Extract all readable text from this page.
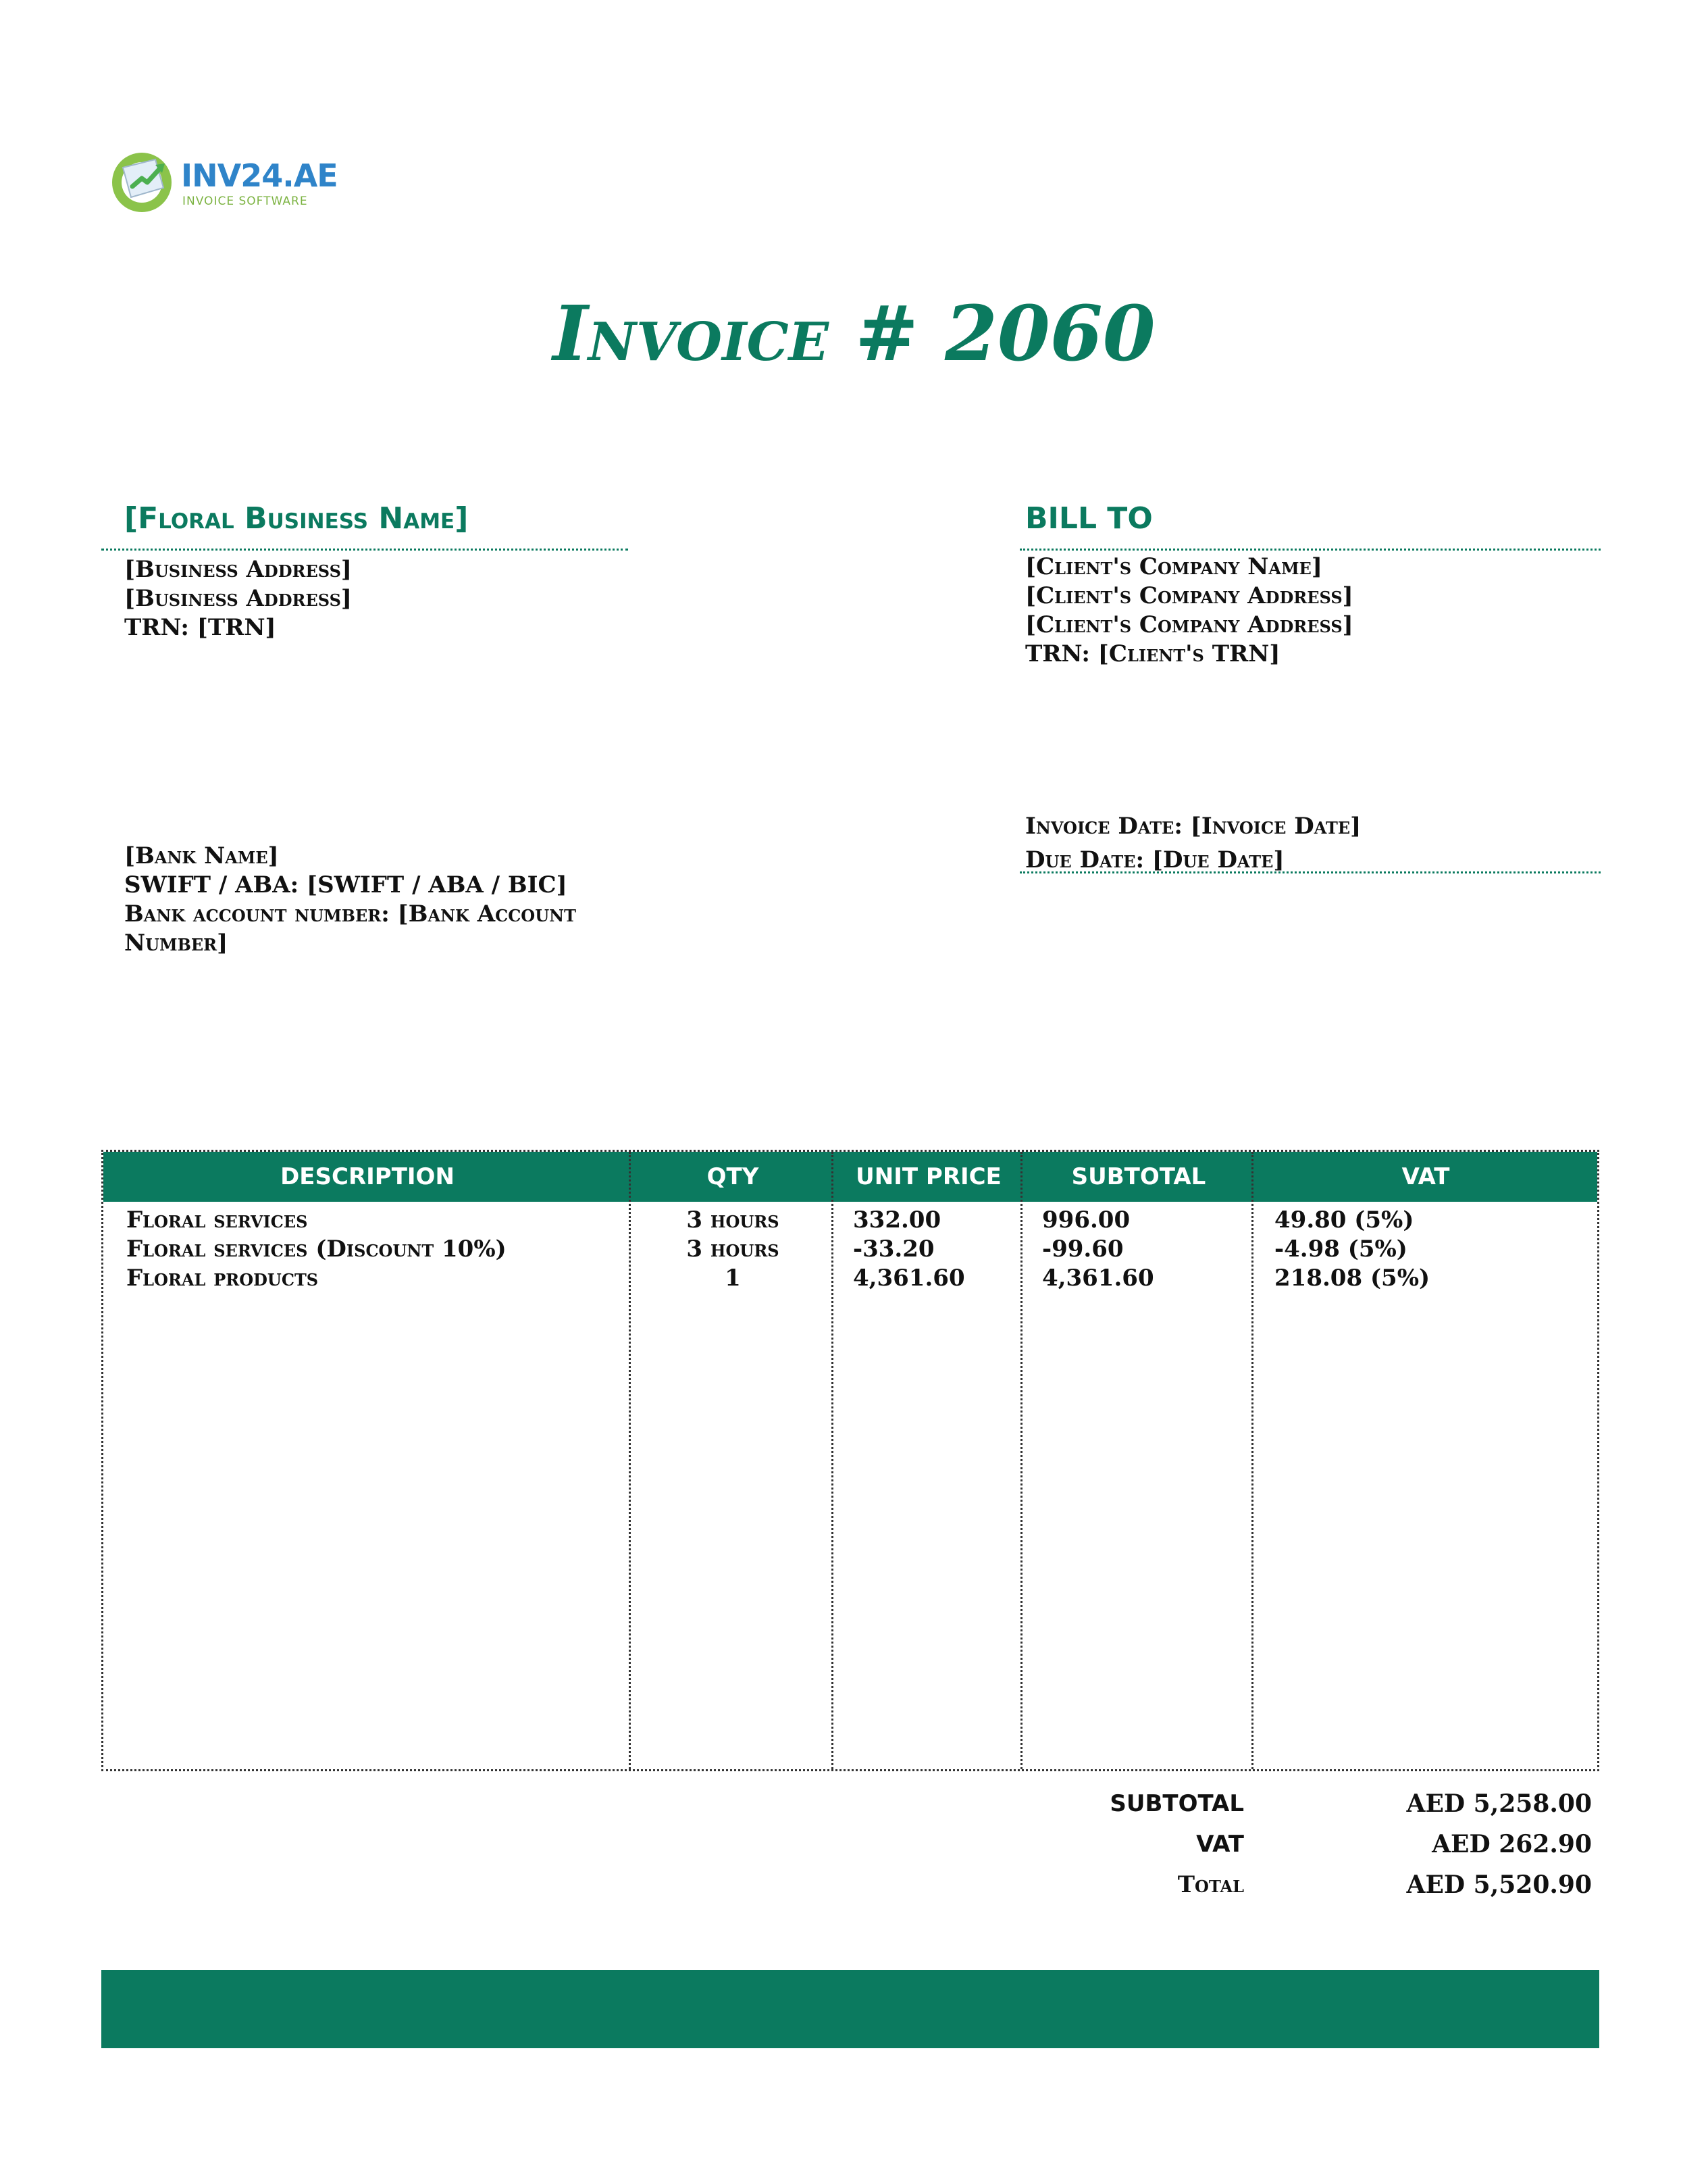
INV24.AE
INVOICE SOFTWARE
Invoice # 2060
[Floral Business Name]
[Business Address]
[Business Address]
TRN: [TRN]
BILL TO
[Client's Company Name]
[Client's Company Address]
[Client's Company Address]
TRN: [Client's TRN]
Invoice Date: [Invoice Date]
Due Date: [Due Date]
[Bank Name]
SWIFT / ABA: [SWIFT / ABA / BIC]
Bank account number: [Bank Account
Number]
DESCRIPTION	QTY	UNIT PRICE	SUBTOTAL	VAT
Floral services	3 hours	332.00	996.00	49.80 (5%)
Floral services (Discount 10%)	3 hours	-33.20	-99.60	-4.98 (5%)
Floral products	1	4,361.60	4,361.60	218.08 (5%)
SUBTOTAL	AED 5,258.00
VAT	AED 262.90
Total	AED 5,520.90
